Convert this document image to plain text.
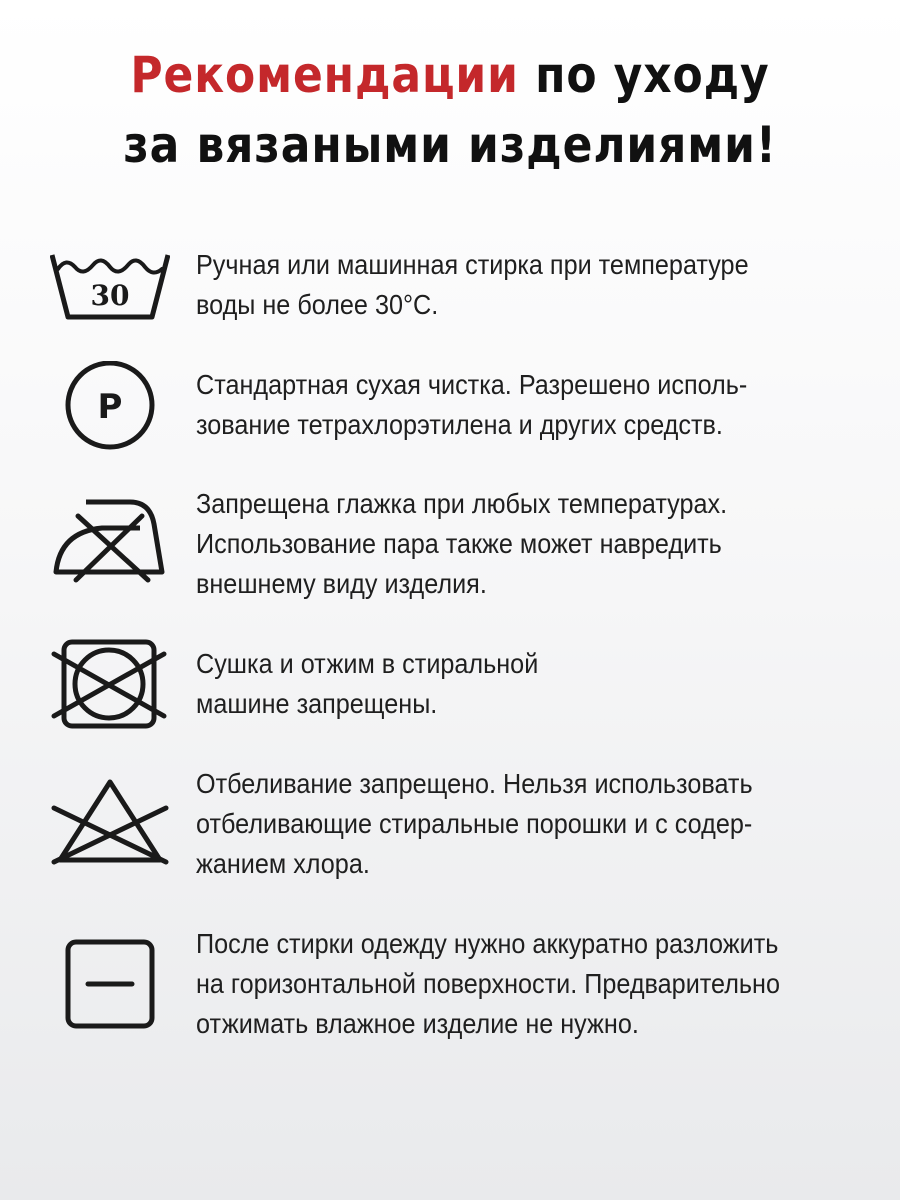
Рекомендации по уходу
за вязаными изделиями!
30
Ручная или машинная стирка при температуре
воды не более 30°С.
P
Стандартная сухая чистка. Разрешено исполь-
зование тетрахлорэтилена и других средств.
Запрещена глажка при любых температурах.
Использование пара также может навредить
внешнему виду изделия.
Сушка и отжим в стиральной
машине запрещены.
Отбеливание запрещено. Нельзя использовать
отбеливающие стиральные порошки и с содер-
жанием хлора.
После стирки одежду нужно аккуратно разложить
на горизонтальной поверхности. Предварительно
отжимать влажное изделие не нужно.
